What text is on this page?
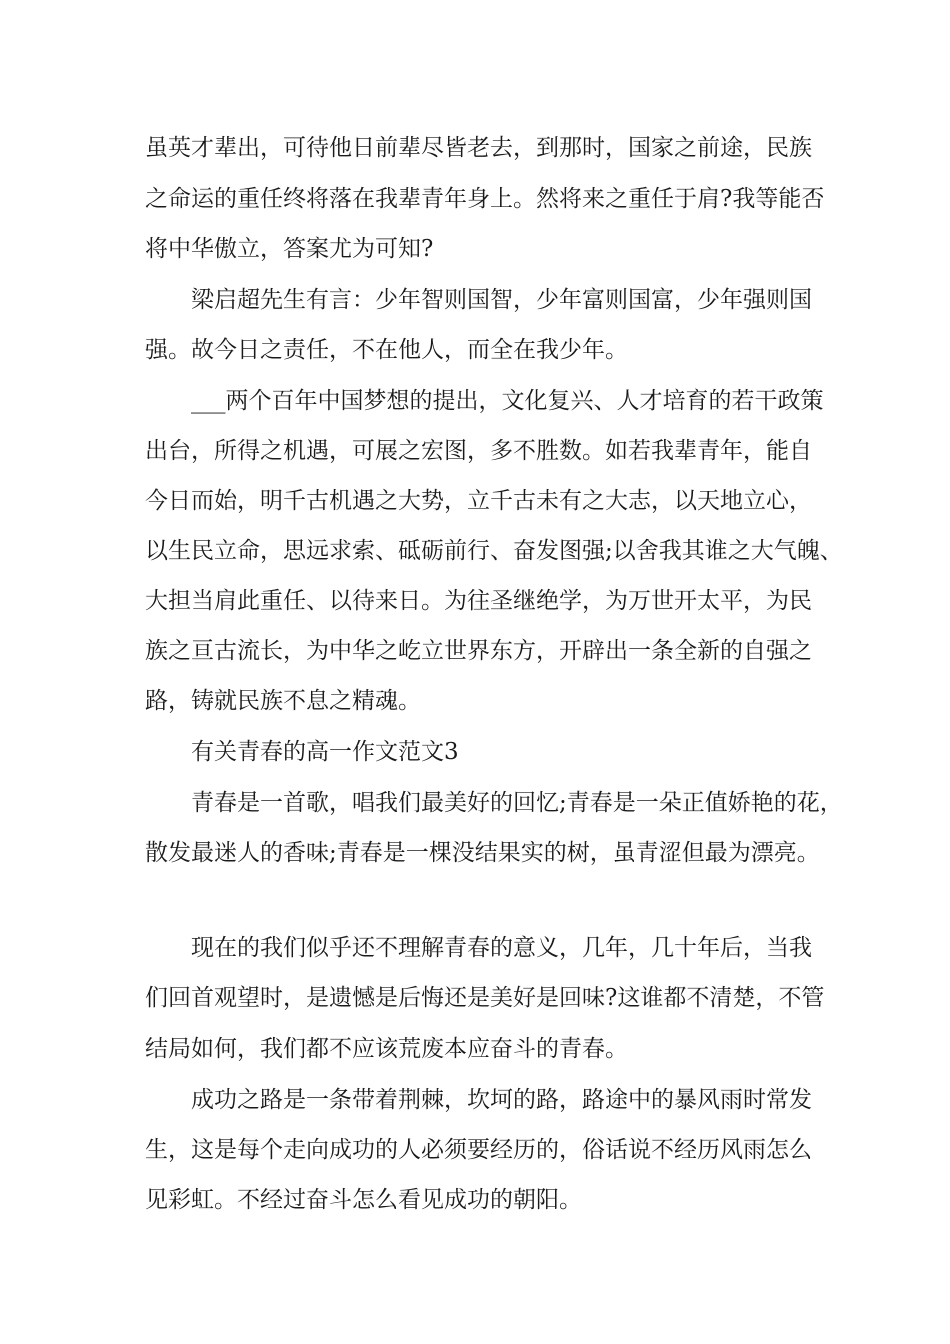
虽英才辈出，可待他日前辈尽皆老去，到那时，国家之前途，民族
之命运的重任终将落在我辈青年身上。然将来之重任于肩?我等能否
将中华傲立，答案尤为可知?
梁启超先生有言：少年智则国智，少年富则国富，少年强则国
强。故今日之责任，不在他人，而全在我少年。
___两个百年中国梦想的提出，文化复兴、人才培育的若干政策
出台，所得之机遇，可展之宏图，多不胜数。如若我辈青年，能自
今日而始，明千古机遇之大势，立千古未有之大志，以天地立心，
以生民立命，思远求索、砥砺前行、奋发图强;以舍我其谁之大气魄、
大担当肩此重任、以待来日。为往圣继绝学，为万世开太平，为民
族之亘古流长，为中华之屹立世界东方，开辟出一条全新的自强之
路，铸就民族不息之精魂。
有关青春的高一作文范文3
青春是一首歌，唱我们最美好的回忆;青春是一朵正值娇艳的花，
散发最迷人的香味;青春是一棵没结果实的树，虽青涩但最为漂亮。
现在的我们似乎还不理解青春的意义，几年，几十年后，当我
们回首观望时，是遗憾是后悔还是美好是回味?这谁都不清楚，不管
结局如何，我们都不应该荒废本应奋斗的青春。
成功之路是一条带着荆棘，坎坷的路，路途中的暴风雨时常发
生，这是每个走向成功的人必须要经历的，俗话说不经历风雨怎么
见彩虹。不经过奋斗怎么看见成功的朝阳。
